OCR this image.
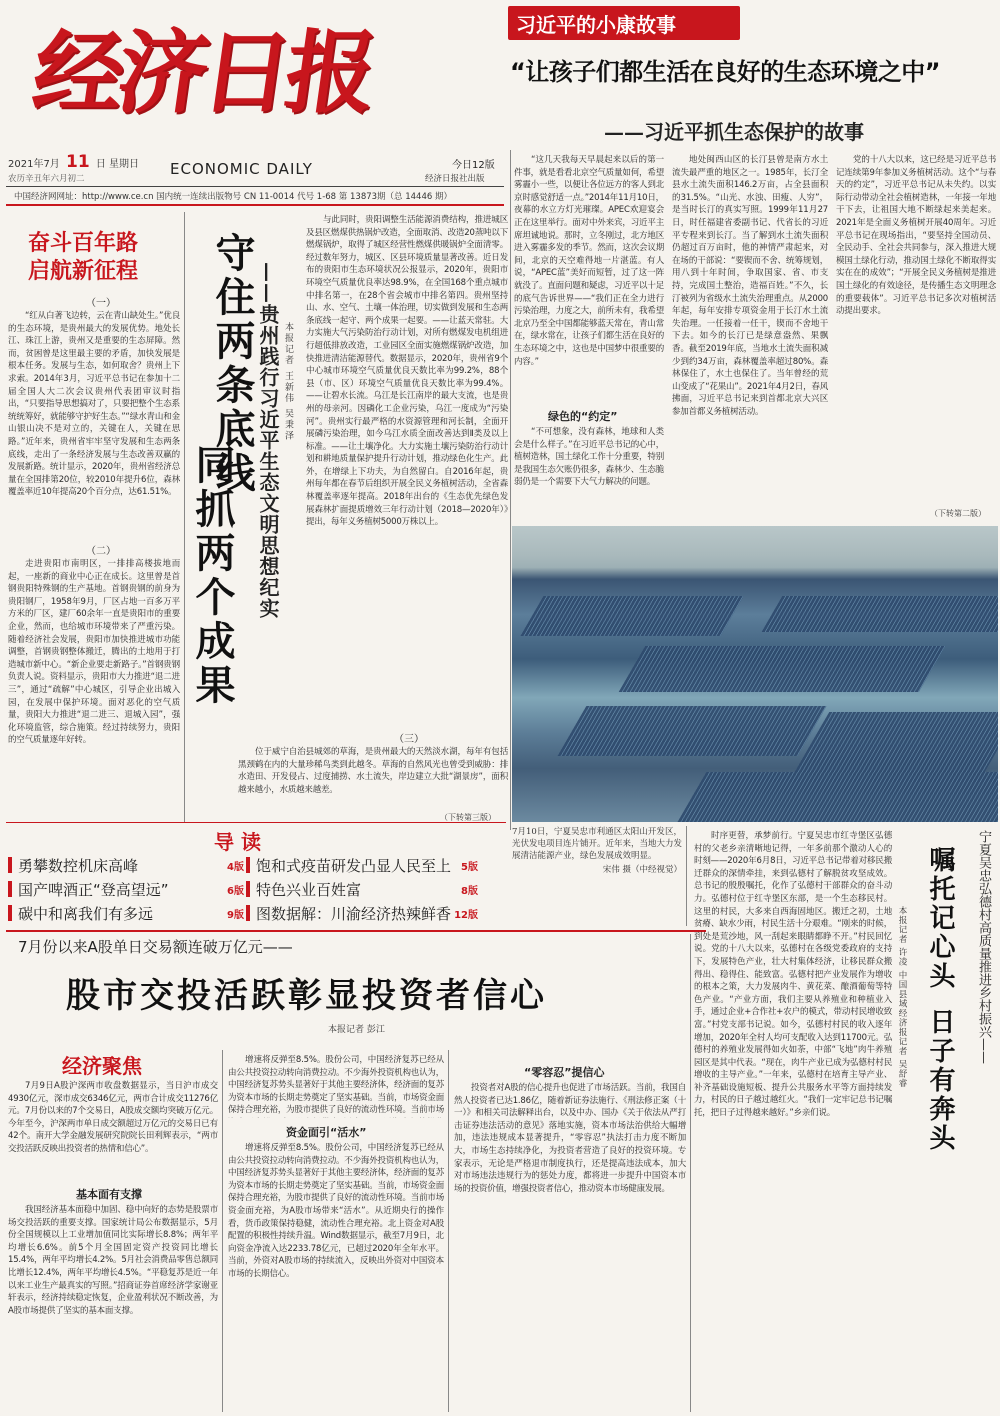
经济日报
ECONOMIC DAILY
2021年7月 11 日 星期日
农历辛丑年六月初二
今日12版
经济日报社出版
中国经济网网址：http://www.ce.cn 国内统一连续出版物号 CN 11-0014 代号 1-68 第 13873期（总 14446 期）
习近平的小康故事
“让孩子们都生活在良好的生态环境之中”
——习近平抓生态保护的故事
奋斗百年路
启航新征程
（一）

“红从白著飞边转，云在青山缺处生。”优良的生态环境，是贵州最大的发展优势。地处长江、珠江上游，贵州又是重要的生态屏障。然而，贫困曾是这里最主要的矛盾，加快发展是根本任务。发展与生态，如何取舍？贵州上下求索。2014年3月，习近平总书记在参加十二届全国人大二次会议贵州代表团审议时指出，“只要指导思想搞对了，只要把整个生态系统统筹好，就能够守护好生态。”“绿水青山和金山银山决不是对立的，关键在人，关键在思路。”近年来，贵州省牢牢坚守发展和生态两条底线，走出了一条经济发展与生态改善双赢的发展新路。统计显示，2020年，贵州省经济总量在全国排第20位，较2010年提升6位，森林覆盖率近10年提高20个百分点，达61.51%。

（二）

走进贵阳市南明区，一排排高楼拔地而起，一座新的商业中心正在成长。这里曾是首钢贵阳特殊钢的生产基地。首钢贵钢的前身为贵阳钢厂，1958年9月，厂区占地一百多万平方米的厂区，建厂60余年一直是贵阳市的重要企业，然而，也给城市环境带来了严重污染。随着经济社会发展，贵阳市加快推进城市功能调整，首钢贵钢整体搬迁，腾出的土地用于打造城市新中心。“新企业要走新路子。”首钢贵钢负责人说。资料显示，贵阳市大力推进“退二进三”，通过“疏解”中心城区，引导企业出城入园，在发展中保护环境。面对恶化的空气质量，贵阳大力推进“退二进三、退城入园”，强化环境监管，综合施策。经过持续努力，贵阳的空气质量逐年好转。

守住两条底线
同抓两个成果 ——贵州践行习近平生态文明思想纪实 本报记者 王新伟 吴秉泽

与此同时，贵阳调整生活能源消费结构，推进城区及县区燃煤供热锅炉改造，全面取消、改造20蒸吨以下燃煤锅炉，取得了城区经营性燃煤供暖锅炉全面清零。经过数年努力，城区、区县环境质量显著改善。近日发布的贵阳市生态环境状况公报显示，2020年，贵阳市环境空气质量优良率达98.9%，在全国168个重点城市中排名第一，在28个省会城市中排名第四。贵州坚持山、水、空气、土壤一体治理，切实做到发展和生态两条底线一起守、两个成果一起要。——让蓝天常驻。大力实施大气污染防治行动计划，对所有燃煤发电机组进行超低排放改造，工业园区全面实施燃煤锅炉改造，加快推进清洁能源替代。数据显示，2020年，贵州省9个中心城市环境空气质量优良天数比率为99.2%，88个县（市、区）环境空气质量优良天数比率为99.4%。——让碧水长流。乌江是长江南岸的最大支流，也是贵州的母亲河。因磷化工企业污染，乌江一度成为“污染河”。贵州实行最严格的水资源管理和河长制，全面开展磷污染治理，如今乌江水质全面改善达到Ⅱ类及以上标准。——让土壤净化。大力实施土壤污染防治行动计划和耕地质量保护提升行动计划，推动绿色化生产。此外，在增绿上下功夫，为自然留白。自2016年起，贵州每年都在春节后组织开展全民义务植树活动，全省森林覆盖率逐年提高。2018年出台的《生态优先绿色发展森林扩面提质增效三年行动计划（2018—2020年）》提出，每年义务植树5000万株以上。

（三）

位于威宁自治县城郊的草海，是贵州最大的天然淡水湖，每年有包括黑颈鹤在内的大量珍稀鸟类到此越冬。草海的自然风光也曾受到威胁：排水造田、开发侵占、过度捕捞、水土流失，岸边建立大批“湖景房”，面积越来越小，水质越来越差。

（下转第三版）

“这几天我每天早晨起来以后的第一件事，就是看看北京空气质量如何，希望雾霾小一些，以便让各位远方的客人到北京时感觉舒适一点。”2014年11月10日，夜幕的水立方灯光璀璨。APEC欢迎宴会正在这里举行。面对中外来宾，习近平主席坦诚地说。那时，立冬刚过，北方地区进入雾霾多发的季节。然而，这次会议期间，北京的天空难得地一片湛蓝。有人说，“APEC蓝”美好而短暂，过了这一阵就没了。直面问题和疑虑，习近平以十足的底气告诉世界——“我们正在全力进行污染治理，力度之大，前所未有，我希望北京乃至全中国都能够蓝天常在，青山常在，绿水常在，让孩子们都生活在良好的生态环境之中，这也是中国梦中很重要的内容。”

绿色的“约定”

“不可想象，没有森林，地球和人类会是什么样子。”在习近平总书记的心中，植树造林，国土绿化工作十分重要，特别是我国生态欠账仍很多，森林少、生态脆弱仍是一个需要下大气力解决的问题。

地处闽西山区的长汀县曾是南方水土流失最严重的地区之一。1985年，长汀全县水土流失面积146.2万亩，占全县面积的31.5%。“山光、水浊、田瘦、人穷”，是当时长汀的真实写照。1999年11月27日，时任福建省委副书记、代省长的习近平专程来到长汀。当了解到水土流失面积仍超过百万亩时，他的神情严肃起来，对在场的干部说：“要锲而不舍、统筹规划，用八到十年时间，争取国家、省、市支持，完成国土整治，造福百姓。”不久，长汀被列为省级水土流失治理重点。从2000年起，每年安排专项资金用于长汀水土流失治理。一任接着一任干，锲而不舍地干下去。如今的长汀已是绿意盎然、果飘香。截至2019年底，当地水土流失面积减少到约34万亩，森林覆盖率超过80%。森林保住了，水土也保住了。当年曾经的荒山变成了“花果山”。2021年4月2日，春风拂面，习近平总书记来到首都北京大兴区参加首都义务植树活动。

党的十八大以来，这已经是习近平总书记连续第9年参加义务植树活动。这个“与春天的约定”，习近平总书记从未失约。以实际行动带动全社会植树造林，一年接一年地干下去，让祖国大地不断绿起来美起来。2021年是全面义务植树开展40周年。习近平总书记在现场指出，“要坚持全国动员、全民动手、全社会共同参与，深入推进大规模国土绿化行动，推动国土绿化不断取得实实在在的成效”；“开展全民义务植树是推进国土绿化的有效途径，是传播生态文明理念的重要载体”。习近平总书记多次对植树活动提出要求。

（下转第二版）
7月10日，宁夏吴忠市利通区太阳山开发区，光伏发电项目连片铺开。近年来，当地大力发展清洁能源产业，绿色发展成效明显。
宋伟 摄（中经视觉）
导 读
勇攀数控机床高峰	4版 饱和式疫苗研发凸显人民至上 5版
国产啤酒正“登高望远”	6版 特色兴业百姓富	8版
碳中和离我们有多远	9版 图数据解：川渝经济热辣鲜香 12版
7月份以来A股单日交易额连破万亿元——
股市交投活跃彰显投资者信心
本报记者 彭江
经济聚焦

7月9日A股沪深两市收盘数据显示，当日沪市成交4930亿元，深市成交6346亿元，两市合计成交11276亿元。7月份以来的7个交易日，A股成交额均突破万亿元。今年至今，沪深两市单日成交额超过万亿元的交易日已有42个。南开大学金融发展研究院院长田利辉表示，“两市交投活跃反映出投资者的热情和信心”。

基本面有支撑

我国经济基本面稳中加固、稳中向好的态势是股票市场交投活跃的重要支撑。国家统计局公布数据显示，5月份全国规模以上工业增加值同比实际增长8.8%；两年平均增长6.6%。前5个月全国固定资产投资同比增长15.4%，两年平均增长4.2%。5月社会消费品零售总额同比增长12.4%，两年平均增长4.5%。“平稳复苏是近一年以来工业生产最真实的写照。”招商证券首席经济学家谢亚轩表示，经济持续稳定恢复，企业盈利状况不断改善，为A股市场提供了坚实的基本面支撑。

增速将反弹至8.5%。股份公司，中国经济复苏已经从由公共投资拉动转向消费拉动。不少海外投资机构也认为，中国经济复苏势头显著好于其他主要经济体，经济面的复苏为资本市场的长期走势奠定了坚实基础。当前，市场资金面保持合理充裕，为股市提供了良好的流动性环境。当前市场

资金面引“活水”

增速将反弹至8.5%。股份公司，中国经济复苏已经从由公共投资拉动转向消费拉动。不少海外投资机构也认为，中国经济复苏势头显著好于其他主要经济体，经济面的复苏为资本市场的长期走势奠定了坚实基础。当前，市场资金面保持合理充裕，为股市提供了良好的流动性环境。当前市场资金面充裕，为A股市场带来“活水”。从近期央行的操作看，货币政策保持稳健，流动性合理充裕。北上资金对A股配置的积极性持续升温。Wind数据显示，截至7月9日，北向资金净流入达2233.78亿元，已超过2020年全年水平。当前，外资对A股市场的持续流入，反映出外资对中国资本市场的长期信心。

“零容忍”提信心

投资者对A股的信心提升也促进了市场活跃。当前，我国自然人投资者已达1.86亿，随着新证券法施行、《刑法修正案（十一）》和相关司法解释出台，以及中办、国办《关于依法从严打击证券违法活动的意见》落地实施，资本市场法治供给大幅增加，违法违规成本显著提升，“零容忍”执法打击力度不断加大，市场生态持续净化，为投资者营造了良好的投资环境。专家表示，无论是严格退市制度执行，还是提高违法成本，加大对市场违法违规行为的惩处力度，都将进一步提升中国资本市场的投资价值，增强投资者信心，推动资本市场健康发展。

时序更替，承梦前行。宁夏吴忠市红寺堡区弘德村的父老乡亲清晰地记得，一年多前那个激动人心的时刻——2020年6月8日，习近平总书记带着对移民搬迁群众的深情牵挂，来到弘德村了解脱贫攻坚成效。总书记的殷殷嘱托，化作了弘德村干部群众的奋斗动力。弘德村位于红寺堡区东部，是一个生态移民村。这里的村民，大多来自西海固地区。搬迁之初，土地贫瘠、缺水少雨，村民生活十分艰难。“刚来的时候，到处是荒沙地，风一刮起来眼睛都睁不开。”村民回忆说。党的十八大以来，弘德村在各级党委政府的支持下，发展特色产业，壮大村集体经济，让移民群众搬得出、稳得住、能致富。弘德村把产业发展作为增收的根本之策，大力发展肉牛、黄花菜、酿酒葡萄等特色产业。“产业方面，我们主要从养殖业和种植业入手，通过企业+合作社+农户的模式，带动村民增收致富。”村党支部书记说。如今，弘德村村民的收入逐年增加，2020年全村人均可支配收入达到11700元。弘德村的养殖业发展得如火如荼，中部“飞地”肉牛养殖园区是其中代表。“现在，肉牛产业已成为弘德村村民增收的主导产业。”一年来，弘德村在培育主导产业、补齐基础设施短板、提升公共服务水平等方面持续发力，村民的日子越过越红火。“我们一定牢记总书记嘱托，把日子过得越来越好。”乡亲们说。

宁夏吴忠弘德村高质量推进乡村振兴——
嘱托记心头
日子有奔头
本报记者 许凌 中国县域经济报记者 吴舒睿
